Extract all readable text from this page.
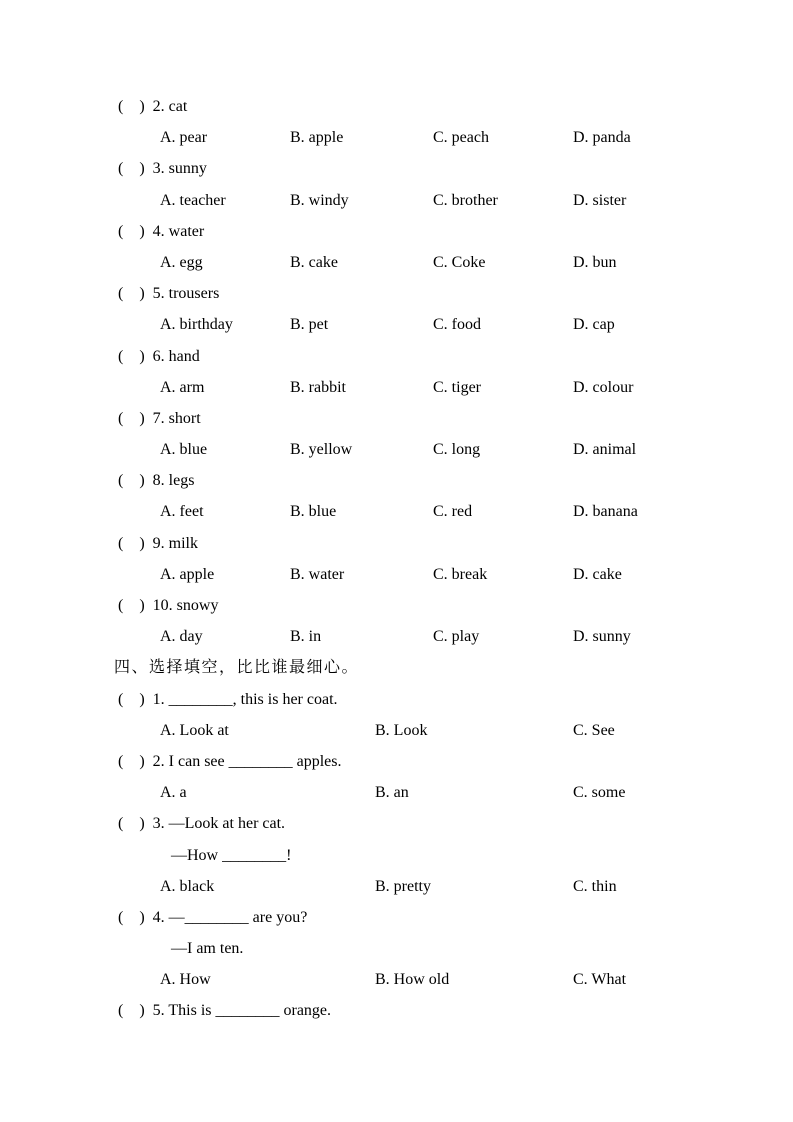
( ) 2. cat
A. pear	B. apple	C. peach	D. panda
( ) 3. sunny
A. teacher	B. windy	C. brother	D. sister
( ) 4. water
A. egg	B. cake	C. Coke	D. bun
( ) 5. trousers
A. birthday	B. pet	C. food	D. cap
( ) 6. hand
A. arm	B. rabbit	C. tiger	D. colour
( ) 7. short
A. blue	B. yellow	C. long	D. animal
( ) 8. legs
A. feet	B. blue	C. red	D. banana
( ) 9. milk
A. apple	B. water	C. break	D. cake
( ) 10. snowy
A. day	B. in	C. play	D. sunny
四、选择填空，比比谁最细心。
( ) 1. ________, this is her coat.
A. Look at	B. Look	C. See
( ) 2. I can see ________ apples.
A. a	B. an	C. some
( ) 3. —Look at her cat.
—How ________!
A. black	B. pretty	C. thin
( ) 4. —________ are you?
—I am ten.
A. How	B. How old	C. What
( ) 5. This is ________ orange.
